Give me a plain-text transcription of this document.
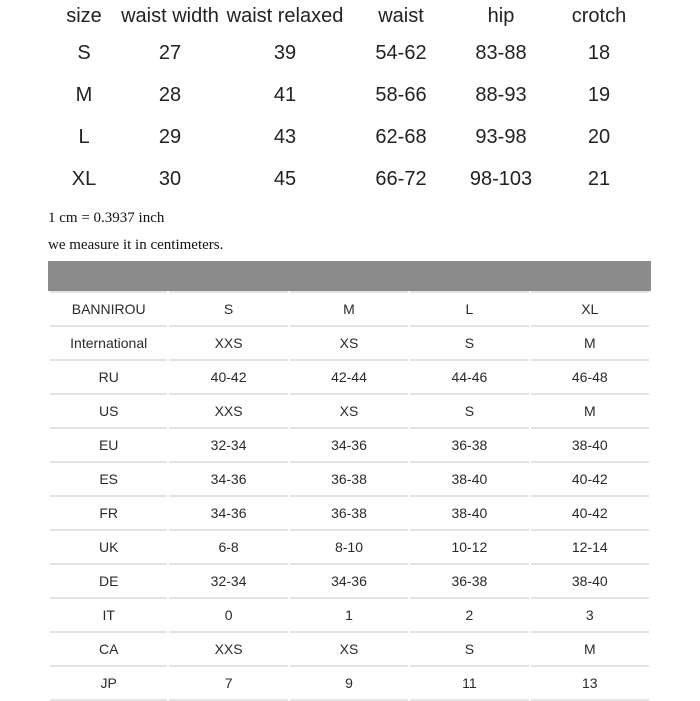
size	waist width	waist relaxed	waist	hip	crotch
S	27	39	54-62	83-88	18
M	28	41	58-66	88-93	19
L	29	43	62-68	93-98	20
XL	30	45	66-72	98-103	21
1 cm = 0.3937 inch
we measure it in centimeters.
BANNIROU	S	M	L	XL
International	XXS	XS	S	M
RU	40-42	42-44	44-46	46-48
US	XXS	XS	S	M
EU	32-34	34-36	36-38	38-40
ES	34-36	36-38	38-40	40-42
FR	34-36	36-38	38-40	40-42
UK	6-8	8-10	10-12	12-14
DE	32-34	34-36	36-38	38-40
IT	0	1	2	3
CA	XXS	XS	S	M
JP	7	9	11	13
